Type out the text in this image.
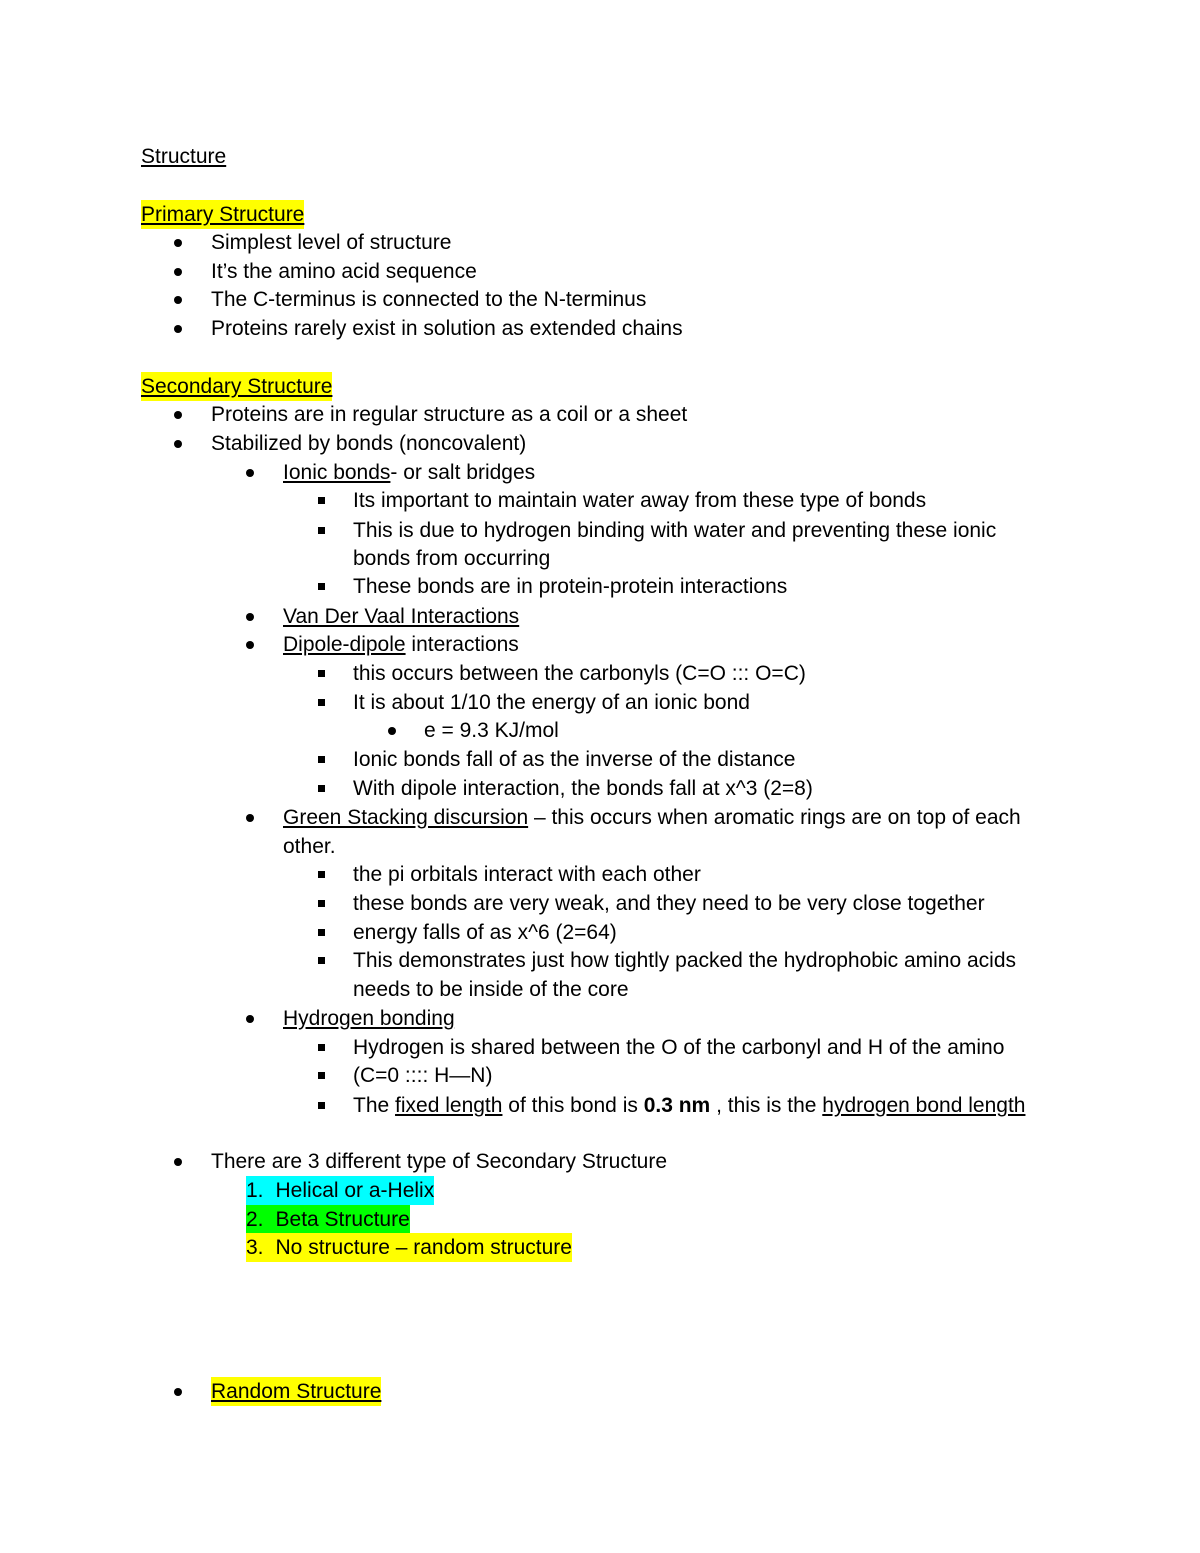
Structure
Primary Structure
Simplest level of structure
It’s the amino acid sequence
The C-terminus is connected to the N-terminus
Proteins rarely exist in solution as extended chains
Secondary Structure
Proteins are in regular structure as a coil or a sheet
Stabilized by bonds (noncovalent)
Ionic bonds- or salt bridges
Its important to maintain water away from these type of bonds
This is due to hydrogen binding with water and preventing these ionic
bonds from occurring
These bonds are in protein-protein interactions
Van Der Vaal Interactions
Dipole-dipole interactions
this occurs between the carbonyls (C=O ::: O=C)
It is about 1/10 the energy of an ionic bond
e = 9.3 KJ/mol
Ionic bonds fall of as the inverse of the distance
With dipole interaction, the bonds fall at x^3 (2=8)
Green Stacking discursion – this occurs when aromatic rings are on top of each
other.
the pi orbitals interact with each other
these bonds are very weak, and they need to be very close together
energy falls of as x^6 (2=64)
This demonstrates just how tightly packed the hydrophobic amino acids
needs to be inside of the core
Hydrogen bonding
Hydrogen is shared between the O of the carbonyl and H of the amino
(C=0 :::: H—N)
The fixed length of this bond is 0.3 nm , this is the hydrogen bond length
There are 3 different type of Secondary Structure
1. Helical or a-Helix
2. Beta Structure
3. No structure – random structure
Random Structure
